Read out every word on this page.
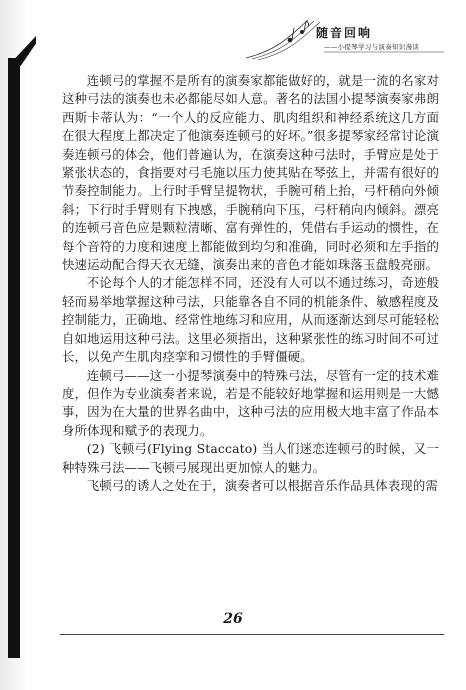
随音回响
——小提琴学习与演奏知识漫谈

连顿弓的掌握不是所有的演奏家都能做好的，就是一流的名家对这种弓法的演奏也未必都能尽如人意。著名的法国小提琴演奏家弗朗西斯卡蒂认为：“一个人的反应能力、肌肉组织和神经系统这几方面在很大程度上都决定了他演奏连顿弓的好坏。”很多提琴家经常讨论演奏连顿弓的体会，他们普遍认为，在演奏这种弓法时，手臂应是处于紧张状态的，食指要对弓毛施以压力使其贴在琴弦上，并需有很好的节奏控制能力。上行时手臂呈提物状，手腕可稍上抬，弓杆稍向外倾斜；下行时手臂则有下拽感，手腕稍向下压，弓杆稍向内倾斜。漂亮的连顿弓音色应是颗粒清晰、富有弹性的，凭借右手运动的惯性，在每个音符的力度和速度上都能做到均匀和准确，同时必须和左手指的快速运动配合得天衣无缝，演奏出来的音色才能如珠落玉盘般亮丽。

不论每个人的才能怎样不同，还没有人可以不通过练习，奇迹般轻而易举地掌握这种弓法，只能靠各自不同的机能条件、敏感程度及控制能力，正确地、经常性地练习和应用，从而逐渐达到尽可能轻松自如地运用这种弓法。这里必须指出，这种紧张性的练习时间不可过长，以免产生肌肉痉挛和习惯性的手臂僵硬。

连顿弓——这一小提琴演奏中的特殊弓法，尽管有一定的技术难度，但作为专业演奏者来说，若是不能较好地掌握和运用则是一大憾事，因为在大量的世界名曲中，这种弓法的应用极大地丰富了作品本身所体现和赋予的表现力。

(2) 飞顿弓(Flying Staccato) 当人们迷恋连顿弓的时候，又一种特殊弓法——飞顿弓展现出更加惊人的魅力。

飞顿弓的诱人之处在于，演奏者可以根据音乐作品具体表现的需

26
